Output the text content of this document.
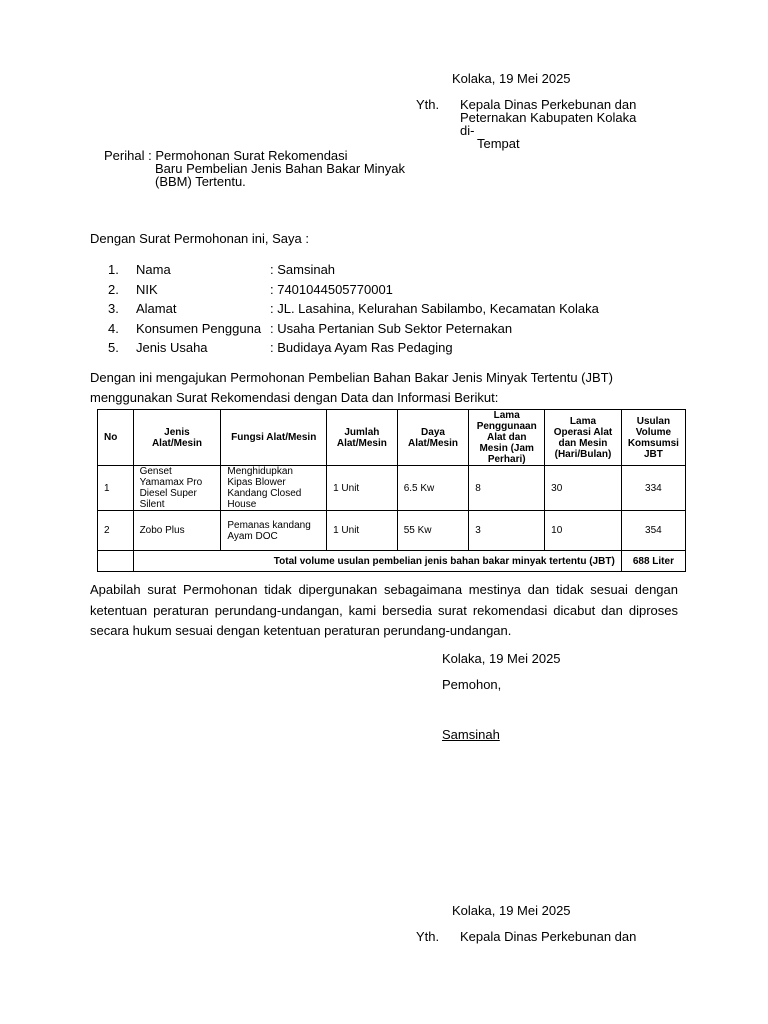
Kolaka, 19 Mei 2025
Yth. Kepala Dinas Perkebunan dan
Peternakan Kabupaten Kolaka
di-
Tempat
Perihal : Permohonan Surat Rekomendasi
Baru Pembelian Jenis Bahan Bakar Minyak
(BBM) Tertentu.
Dengan Surat Permohonan ini, Saya :
1.	Nama	: Samsinah
2.	NIK	: 7401044505770001
3.	Alamat	: JL. Lasahina, Kelurahan Sabilambo, Kecamatan Kolaka
4.	Konsumen Pengguna : Usaha Pertanian Sub Sektor Peternakan
5.	Jenis Usaha	: Budidaya Ayam Ras Pedaging
Dengan ini mengajukan Permohonan Pembelian Bahan Bakar Jenis Minyak Tertentu (JBT) menggunakan Surat Rekomendasi dengan Data dan Informasi Berikut:
No	Jenis Alat/Mesin	Fungsi Alat/Mesin	Jumlah Alat/Mesin	Daya Alat/Mesin	Lama Penggunaan Alat dan Mesin (Jam Perhari)	Lama Operasi Alat dan Mesin (Hari/Bulan)	Usulan Volume Komsumsi JBT
1	Genset Yamamax Pro Diesel Super Silent	Menghidupkan Kipas Blower Kandang Closed House	1 Unit	6.5 Kw	8	30	334
2	Zobo Plus	Pemanas kandang Ayam DOC	1 Unit	55 Kw	3	10	354
	Total volume usulan pembelian jenis bahan bakar minyak tertentu (JBT)						688 Liter
Apabilah surat Permohonan tidak dipergunakan sebagaimana mestinya dan tidak sesuai dengan ketentuan peraturan perundang-undangan, kami bersedia surat rekomendasi dicabut dan diproses secara hukum sesuai dengan ketentuan peraturan perundang-undangan.
Kolaka, 19 Mei 2025
Pemohon,
Samsinah
Kolaka, 19 Mei 2025
Yth. Kepala Dinas Perkebunan dan
